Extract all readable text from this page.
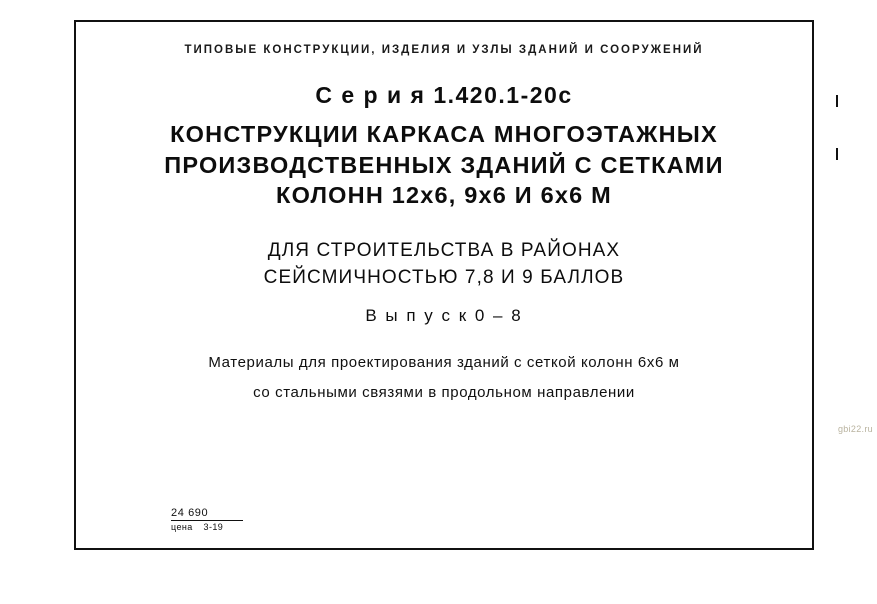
ТИПОВЫЕ КОНСТРУКЦИИ, ИЗДЕЛИЯ И УЗЛЫ ЗДАНИЙ И СООРУЖЕНИЙ
С е р и я 1.420.1-20с
КОНСТРУКЦИИ КАРКАСА МНОГОЭТАЖНЫХ
ПРОИЗВОДСТВЕННЫХ ЗДАНИЙ С СЕТКАМИ
КОЛОНН 12х6, 9х6 И 6х6 М
ДЛЯ СТРОИТЕЛЬСТВА В РАЙОНАХ
СЕЙСМИЧНОСТЬЮ 7,8 И 9 БАЛЛОВ
В ы п у с к 0 – 8
Материалы для проектирования зданий с сеткой колонн 6х6 м
со стальными связями в продольном направлении
24 690
цена 3-19
gbi22.ru
